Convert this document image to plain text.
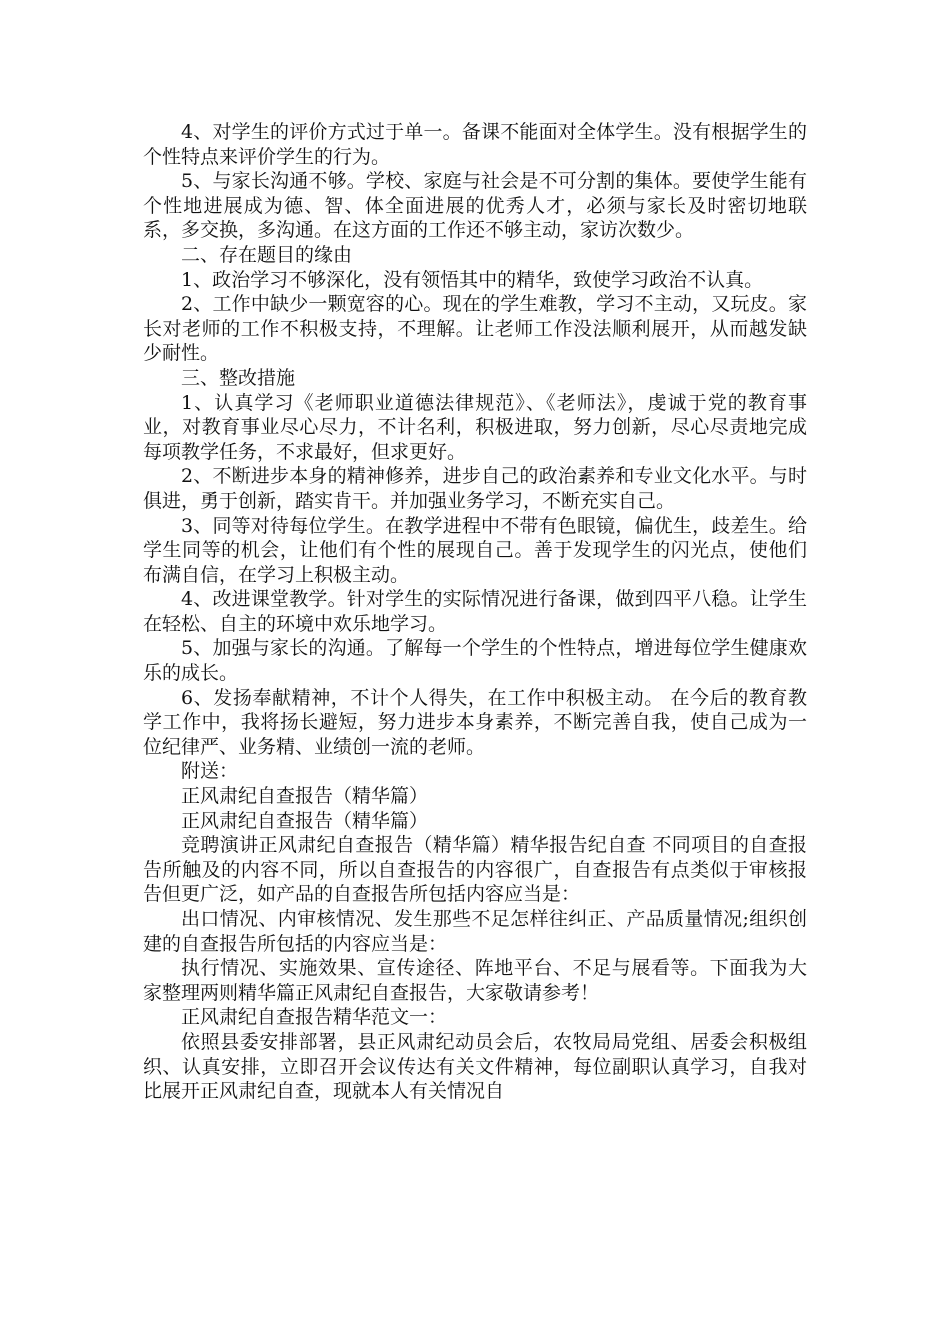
4、对学生的评价方式过于单一。备课不能面对全体学生。没有根据学生的个性特点来评价学生的行为。

5、与家长沟通不够。学校、家庭与社会是不可分割的集体。要使学生能有个性地进展成为德、智、体全面进展的优秀人才，必须与家长及时密切地联系，多交换，多沟通。在这方面的工作还不够主动，家访次数少。

二、存在题目的缘由

1、政治学习不够深化，没有领悟其中的精华，致使学习政治不认真。

2、工作中缺少一颗宽容的心。现在的学生难教，学习不主动，又玩皮。家长对老师的工作不积极支持，不理解。让老师工作没法顺利展开，从而越发缺少耐性。

三、整改措施

1、认真学习《老师职业道德法律规范》、《老师法》，虔诚于党的教育事业，对教育事业尽心尽力，不计名利，积极进取，努力创新，尽心尽责地完成每项教学任务，不求最好，但求更好。

2、不断进步本身的精神修养，进步自己的政治素养和专业文化水平。与时俱进，勇于创新，踏实肯干。并加强业务学习，不断充实自己。

3、同等对待每位学生。在教学进程中不带有色眼镜，偏优生，歧差生。给学生同等的机会，让他们有个性的展现自己。善于发现学生的闪光点，使他们布满自信，在学习上积极主动。

4、改进课堂教学。针对学生的实际情况进行备课，做到四平八稳。让学生在轻松、自主的环境中欢乐地学习。

5、加强与家长的沟通。了解每一个学生的个性特点，增进每位学生健康欢乐的成长。

6、发扬奉献精神，不计个人得失，在工作中积极主动。 在今后的教育教学工作中，我将扬长避短，努力进步本身素养，不断完善自我，使自己成为一位纪律严、业务精、业绩创一流的老师。

附送：

正风肃纪自查报告（精华篇）

正风肃纪自查报告（精华篇）

竞聘演讲正风肃纪自查报告（精华篇）精华报告纪自查 不同项目的自查报告所触及的内容不同，所以自查报告的内容很广，自查报告有点类似于审核报告但更广泛，如产品的自查报告所包括内容应当是：

出口情况、内审核情况、发生那些不足怎样往纠正、产品质量情况;组织创建的自查报告所包括的内容应当是：

执行情况、实施效果、宣传途径、阵地平台、不足与展看等。下面我为大家整理两则精华篇正风肃纪自查报告，大家敬请参考！

正风肃纪自查报告精华范文一：

依照县委安排部署，县正风肃纪动员会后，农牧局局党组、居委会积极组织、认真安排，立即召开会议传达有关文件精神，每位副职认真学习，自我对比展开正风肃纪自查，现就本人有关情况自
